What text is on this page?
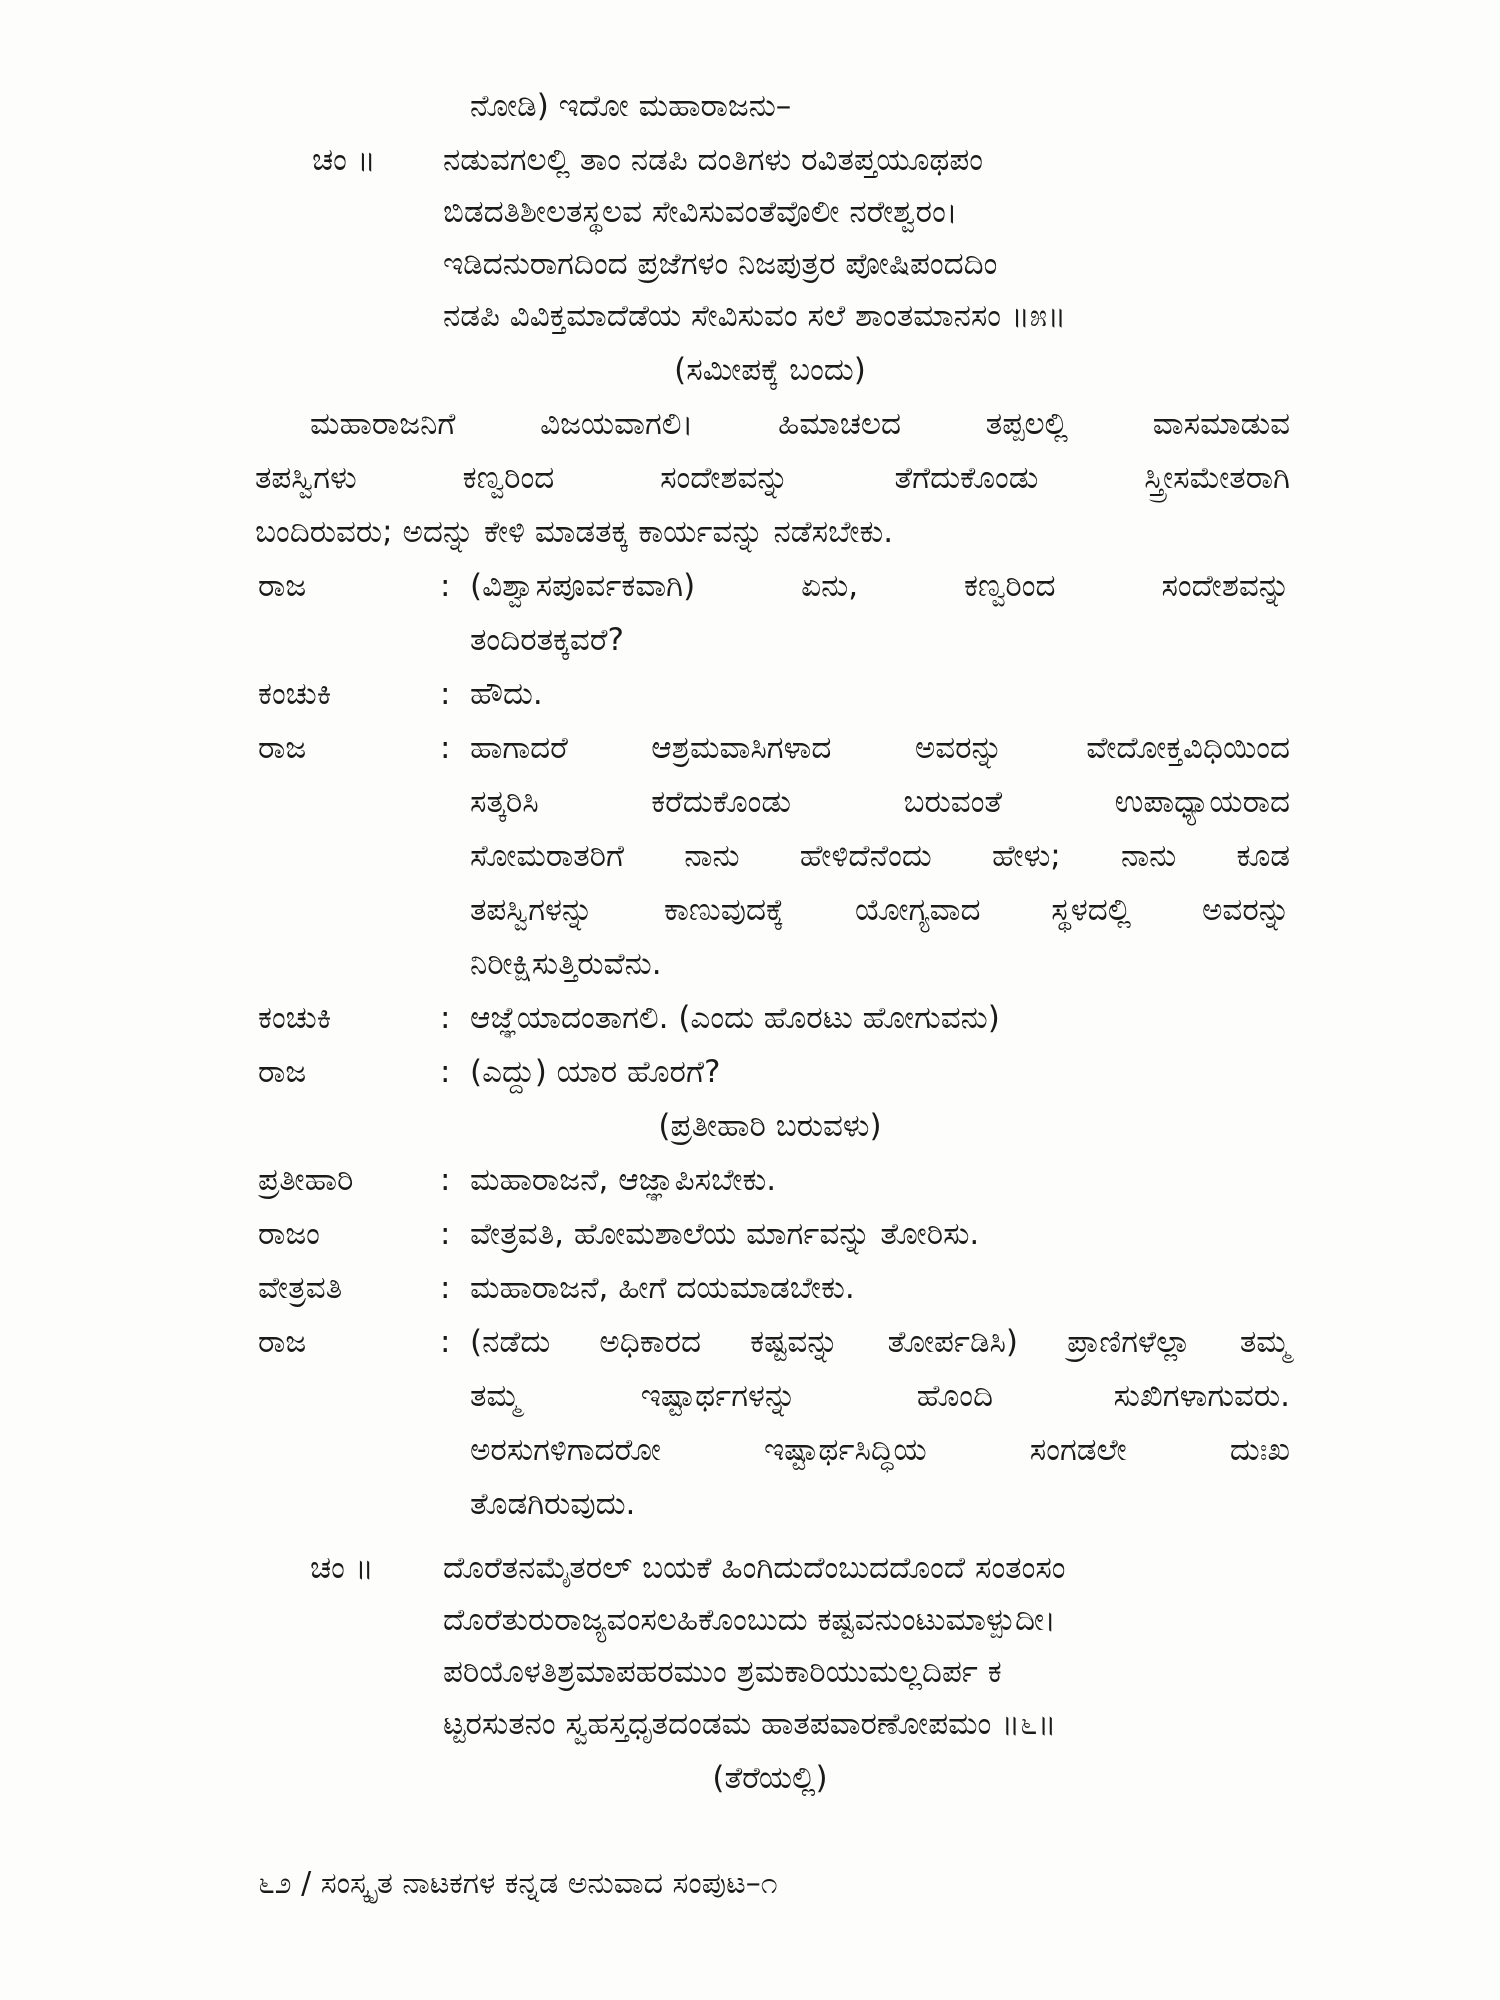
ನೋಡಿ) ಇದೋ ಮಹಾರಾಜನು–
ಚಂ ॥ ನಡುವಗಲಲ್ಲಿ ತಾಂ ನಡಪಿ ದಂತಿಗಳು ರವಿತಪ್ತಯೂಥಪಂ
ಬಿಡದತಿಶೀಲತಸ್ಥಲವ ಸೇವಿಸುವಂತೆವೊಲೀ ನರೇಶ್ವರಂ।
ಇಡಿದನುರಾಗದಿಂದ ಪ್ರಜೆಗಳಂ ನಿಜಪುತ್ರರ ಪೋಷಿಪಂದದಿಂ
ನಡಪಿ ವಿವಿಕ್ತಮಾದೆಡೆಯ ಸೇವಿಸುವಂ ಸಲೆ ಶಾಂತಮಾನಸಂ ॥೫॥
(ಸಮೀಪಕ್ಕೆ ಬಂದು)
ಮಹಾರಾಜನಿಗೆ ವಿಜಯವಾಗಲಿ। ಹಿಮಾಚಲದ ತಪ್ಪಲಲ್ಲಿ ವಾಸಮಾಡುವ
ತಪಸ್ವಿಗಳು ಕಣ್ವರಿಂದ ಸಂದೇಶವನ್ನು ತೆಗೆದುಕೊಂಡು ಸ್ತ್ರೀಸಮೇತರಾಗಿ
ಬಂದಿರುವರು; ಅದನ್ನು ಕೇಳಿ ಮಾಡತಕ್ಕ ಕಾರ್ಯವನ್ನು ನಡೆಸಬೇಕು.
ರಾಜ	: (ವಿಶ್ವಾಸಪೂರ್ವಕವಾಗಿ) ಏನು, ಕಣ್ವರಿಂದ ಸಂದೇಶವನ್ನು
ತಂದಿರತಕ್ಕವರೆ?
ಕಂಚುಕಿ	: ಹೌದು.
ರಾಜ	: ಹಾಗಾದರೆ ಆಶ್ರಮವಾಸಿಗಳಾದ ಅವರನ್ನು ವೇದೋಕ್ತವಿಧಿಯಿಂದ
ಸತ್ಕರಿಸಿ ಕರೆದುಕೊಂಡು ಬರುವಂತೆ ಉಪಾಧ್ಯಾಯರಾದ
ಸೋಮರಾತರಿಗೆ ನಾನು ಹೇಳಿದೆನೆಂದು ಹೇಳು; ನಾನು ಕೂಡ
ತಪಸ್ವಿಗಳನ್ನು ಕಾಣುವುದಕ್ಕೆ ಯೋಗ್ಯವಾದ ಸ್ಥಳದಲ್ಲಿ ಅವರನ್ನು
ನಿರೀಕ್ಷಿಸುತ್ತಿರುವೆನು.
ಕಂಚುಕಿ	: ಆಜ್ಞೆಯಾದಂತಾಗಲಿ. (ಎಂದು ಹೊರಟು ಹೋಗುವನು)
ರಾಜ	: (ಎದ್ದು) ಯಾರ ಹೊರಗೆ?
(ಪ್ರತೀಹಾರಿ ಬರುವಳು)
ಪ್ರತೀಹಾರಿ	: ಮಹಾರಾಜನೆ, ಆಜ್ಞಾಪಿಸಬೇಕು.
ರಾಜಂ	: ವೇತ್ರವತಿ, ಹೋಮಶಾಲೆಯ ಮಾರ್ಗವನ್ನು ತೋರಿಸು.
ವೇತ್ರವತಿ	: ಮಹಾರಾಜನೆ, ಹೀಗೆ ದಯಮಾಡಬೇಕು.
ರಾಜ	: (ನಡೆದು ಅಧಿಕಾರದ ಕಷ್ಟವನ್ನು ತೋರ್ಪಡಿಸಿ) ಪ್ರಾಣಿಗಳೆಲ್ಲಾ ತಮ್ಮ
ತಮ್ಮ ಇಷ್ಟಾರ್ಥಗಳನ್ನು ಹೊಂದಿ ಸುಖಿಗಳಾಗುವರು.
ಅರಸುಗಳಿಗಾದರೋ ಇಷ್ಟಾರ್ಥಸಿದ್ಧಿಯ ಸಂಗಡಲೇ ದುಃಖ
ತೊಡಗಿರುವುದು.
ಚಂ ॥ ದೊರೆತನಮೈತರಲ್ ಬಯಕೆ ಹಿಂಗಿದುದೆಂಬುದದೊಂದೆ ಸಂತಂಸಂ
ದೊರೆತುರುರಾಜ್ಯವಂಸಲಹಿಕೊಂಬುದು ಕಷ್ಟವನುಂಟುಮಾಳ್ಪುದೀ।
ಪರಿಯೊಳತಿಶ್ರಮಾಪಹರಮುಂ ಶ್ರಮಕಾರಿಯುಮಲ್ಲದಿರ್ಪ ಕ
ಟ್ಟರಸುತನಂ ಸ್ವಹಸ್ತಧೃತದಂಡಮ ಹಾತಪವಾರಣೋಪಮಂ ॥೬॥
(ತೆರೆಯಲ್ಲಿ)
೬೨ / ಸಂಸ್ಕೃತ ನಾಟಕಗಳ ಕನ್ನಡ ಅನುವಾದ ಸಂಪುಟ–೧
